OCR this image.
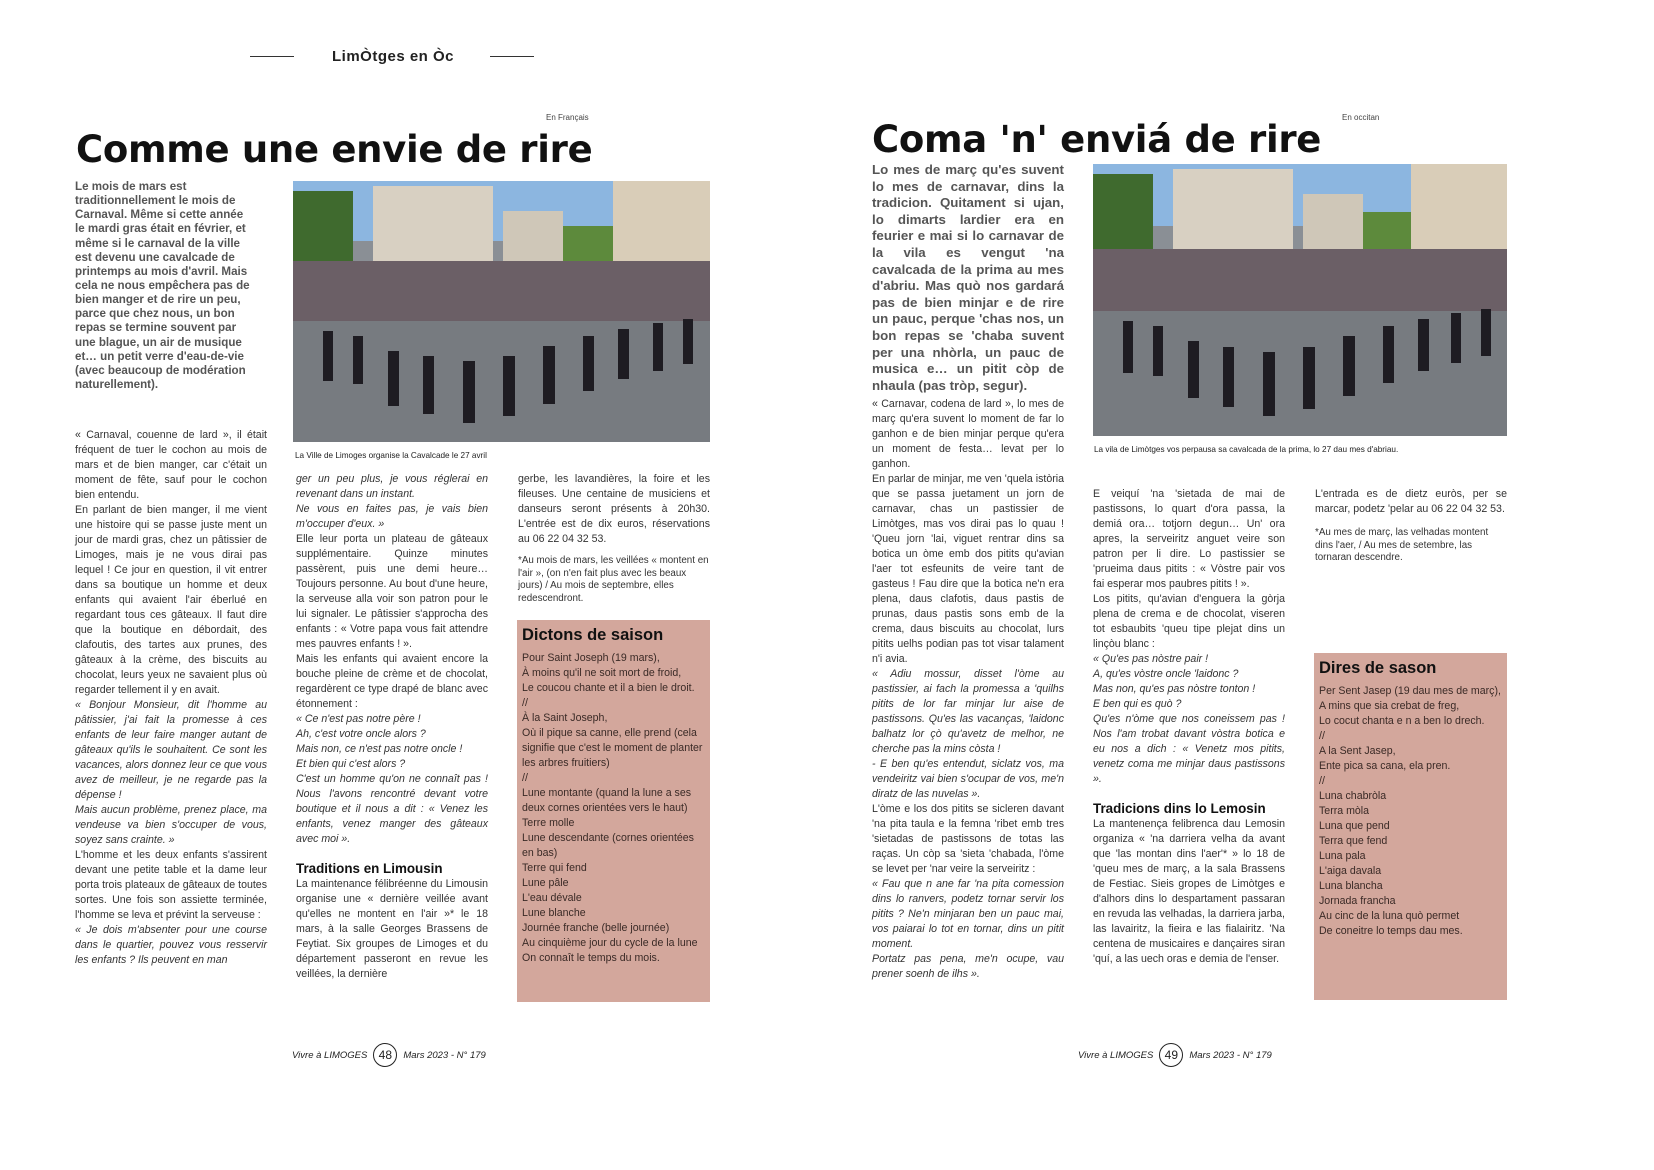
LimÒtges en Òc
En Français
Comme une envie de rire
Le mois de mars est traditionnellement le mois de Carnaval. Même si cette année le mardi gras était en février, et même si le carnaval de la ville est devenu une cavalcade de printemps au mois d'avril. Mais cela ne nous empêchera pas de bien manger et de rire un peu, parce que chez nous, un bon repas se termine souvent par une blague, un air de musique et… un petit verre d'eau-de-vie (avec beaucoup de modération naturellement).
La Ville de Limoges organise la Cavalcade le 27 avril

« Carnaval, couenne de lard », il était fréquent de tuer le cochon au mois de mars et de bien manger, car c'était un moment de fête, sauf pour le cochon bien entendu.

En parlant de bien manger, il me vient une histoire qui se passe juste ment un jour de mardi gras, chez un pâtissier de Limoges, mais je ne vous dirai pas lequel ! Ce jour en question, il vit entrer dans sa boutique un homme et deux enfants qui avaient l'air éberlué en regardant tous ces gâteaux. Il faut dire que la boutique en débordait, des clafoutis, des tartes aux prunes, des gâteaux à la crème, des biscuits au chocolat, leurs yeux ne savaient plus où regarder tellement il y en avait.

« Bonjour Monsieur, dit l'homme au pâtissier, j'ai fait la promesse à ces enfants de leur faire manger autant de gâteaux qu'ils le souhaitent. Ce sont les vacances, alors donnez leur ce que vous avez de meilleur, je ne regarde pas la dépense !

Mais aucun problème, prenez place, ma vendeuse va bien s'occuper de vous, soyez sans crainte. »

L'homme et les deux enfants s'assirent devant une petite table et la dame leur porta trois plateaux de gâteaux de toutes sortes. Une fois son assiette terminée, l'homme se leva et prévint la serveuse :

« Je dois m'absenter pour une course dans le quartier, pouvez vous resservir les enfants ? Ils peuvent en man

ger un peu plus, je vous réglerai en revenant dans un instant.

Ne vous en faites pas, je vais bien m'occuper d'eux. »

Elle leur porta un plateau de gâteaux supplémentaire. Quinze minutes passèrent, puis une demi heure… Toujours personne. Au bout d'une heure, la serveuse alla voir son patron pour le lui signaler. Le pâtissier s'approcha des enfants : « Votre papa vous fait attendre mes pauvres enfants ! ».

Mais les enfants qui avaient encore la bouche pleine de crème et de chocolat, regardèrent ce type drapé de blanc avec étonnement :

« Ce n'est pas notre père !

Ah, c'est votre oncle alors ?

Mais non, ce n'est pas notre oncle !

Et bien qui c'est alors ?

C'est un homme qu'on ne connaît pas ! Nous l'avons rencontré devant votre boutique et il nous a dit : « Venez les enfants, venez manger des gâteaux avec moi ».

Traditions en Limousin

La maintenance félibréenne du Limousin organise une « dernière veillée avant qu'elles ne montent en l'air »* le 18 mars, à la salle Georges Brassens de Feytiat. Six groupes de Limoges et du département passeront en revue les veillées, la dernière

gerbe, les lavandières, la foire et les fileuses. Une centaine de musiciens et danseurs seront présents à 20h30. L'entrée est de dix euros, réservations au 06 22 04 32 53.

*Au mois de mars, les veillées « montent en l'air », (on n'en fait plus avec les beaux jours) / Au mois de septembre, elles redescendront.

Dictons de saison
Pour Saint Joseph (19 mars),
À moins qu'il ne soit mort de froid,
Le coucou chante et il a bien le droit.
//
À la Saint Joseph,
Où il pique sa canne, elle prend (cela signifie que c'est le moment de planter les arbres fruitiers)
//
Lune montante (quand la lune a ses deux cornes orientées vers le haut)
Terre molle
Lune descendante (cornes orientées en bas)
Terre qui fend
Lune pâle
L'eau dévale
Lune blanche
Journée franche (belle journée)
Au cinquième jour du cycle de la lune
On connaît le temps du mois.
Vivre à LIMOGES 48	Mars 2023 - N° 179
En occitan
Coma 'n' enviá de rire
Lo mes de març qu'es suvent lo mes de carnavar, dins la tradicion. Quitament si ujan, lo dimarts lardier era en feurier e mai si lo carnavar de la vila es vengut 'na cavalcada de la prima au mes d'abriu. Mas quò nos gardará pas de bien minjar e de rire un pauc, perque 'chas nos, un bon repas se 'chaba suvent per una nhòrla, un pauc de musica e… un pitit còp de nhaula (pas tròp, segur).
La vila de Limòtges vos perpausa sa cavalcada de la prima, lo 27 dau mes d'abriau.

« Carnavar, codena de lard », lo mes de març qu'era suvent lo moment de far lo ganhon e de bien minjar perque qu'era un moment de festa… levat per lo ganhon.

En parlar de minjar, me ven 'quela istòria que se passa juetament un jorn de carnavar, chas un pastissier de Limòtges, mas vos dirai pas lo quau ! 'Queu jorn 'lai, viguet rentrar dins sa botica un òme emb dos pitits qu'avian l'aer tot esfeunits de veire tant de gasteus ! Fau dire que la botica ne'n era plena, daus clafotis, daus pastis de prunas, daus pastis sons emb de la crema, daus biscuits au chocolat, lurs pitits uelhs podian pas tot visar talament n'i avia.

« Adiu mossur, disset l'òme au pastissier, ai fach la promessa a 'quilhs pitits de lor far minjar lur aise de pastissons. Qu'es las vacanças, 'laidonc balhatz lor çò qu'avetz de melhor, ne cherche pas la mins còsta !

- E ben qu'es entendut, siclatz vos, ma vendeiritz vai bien s'ocupar de vos, me'n diratz de las nuvelas ».

L'òme e los dos pitits se sicleren davant 'na pita taula e la femna 'ribet emb tres 'sietadas de pastissons de totas las raças. Un còp sa 'sieta 'chabada, l'òme se levet per 'nar veire la serveiritz :

« Fau que n ane far 'na pita comession dins lo ranvers, podetz tornar servir los pitits ? Ne'n minjaran ben un pauc mai, vos paiarai lo tot en tornar, dins un pitit moment.

Portatz pas pena, me'n ocupe, vau prener soenh de ilhs ».

E veiquí 'na 'sietada de mai de pastissons, lo quart d'ora passa, la demiá ora… totjorn degun… Un' ora apres, la serveiritz anguet veire son patron per li dire. Lo pastissier se 'prueima daus pitits : « Vòstre pair vos fai esperar mos paubres pitits ! ».

Los pitits, qu'avian d'enguera la gòrja plena de crema e de chocolat, viseren tot esbaubits 'queu tipe plejat dins un linçòu blanc :

« Qu'es pas nòstre pair !

A, qu'es vòstre oncle 'laidonc ?

Mas non, qu'es pas nòstre tonton !

E ben qui es quò ?

Qu'es n'òme que nos coneissem pas ! Nos l'am trobat davant vòstra botica e eu nos a dich : « Venetz mos pitits, venetz coma me minjar daus pastissons ».

Tradicions dins lo Lemosin

La mantenença felibrenca dau Lemosin organiza « 'na darriera velha da avant que 'las montan dins l'aer'* » lo 18 de 'queu mes de març, a la sala Brassens de Festiac. Sieis gropes de Limòtges e d'alhors dins lo despartament passaran en revuda las velhadas, la darriera jarba, las lavairitz, la fieira e las fialairitz. 'Na centena de musicaires e dançaires siran 'quí, a las uech oras e demia de l'enser.

L'entrada es de dietz euròs, per se marcar, podetz 'pelar au 06 22 04 32 53.

*Au mes de març, las velhadas montent dins l'aer, / Au mes de setembre, las tornaran descendre.

Dires de sason
Per Sent Jasep (19 dau mes de març),
A mins que sia crebat de freg,
Lo cocut chanta e n a ben lo drech.
//
A la Sent Jasep,
Ente pica sa cana, ela pren.
//
Luna chabròla
Terra mòla
Luna que pend
Terra que fend
Luna pala
L'aiga davala
Luna blancha
Jornada francha
Au cinc de la luna quò permet
De coneitre lo temps dau mes.
Vivre à LIMOGES 49	Mars 2023 - N° 179
